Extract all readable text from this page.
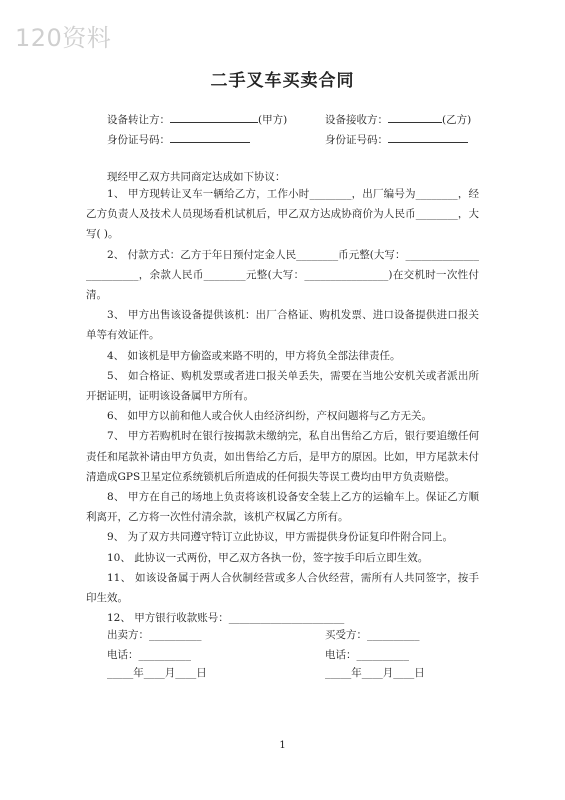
120资料
二手叉车买卖合同
设备转让方：	(甲方)	设备接收方：	(乙方)
身份证号码：	身份证号码：
现经甲乙双方共同商定达成如下协议：

1、 甲方现转让叉车一辆给乙方，工作小时________，出厂编号为________，经乙方负责人及技术人员现场看机试机后，甲乙双方达成协商价为人民币________，大写( )。

2、 付款方式：乙方于年日预付定金人民________币元整(大写：________________________，余款人民币________元整(大写：________________)在交机时一次性付清。

3、 甲方出售该设备提供该机：出厂合格证、购机发票、进口设备提供进口报关单等有效证件。

4、 如该机是甲方偷盗或来路不明的，甲方将负全部法律责任。

5、 如合格证、购机发票或者进口报关单丢失，需要在当地公安机关或者派出所开据证明，证明该设备属甲方所有。

6、 如甲方以前和他人或合伙人由经济纠纷，产权问题将与乙方无关。

7、 甲方若购机时在银行按揭款未缴纳完，私自出售给乙方后，银行要追缴任何责任和尾款补请由甲方负责，如出售给乙方后，是甲方的原因。比如，甲方尾款未付清造成GPS卫星定位系统锁机后所造成的任何损失等误工费均由甲方负责赔偿。

8、 甲方在自己的场地上负责将该机设备安全装上乙方的运输车上。保证乙方顺利离开，乙方将一次性付清余款，该机产权属乙方所有。

9、 为了双方共同遵守特订立此协议，甲方需提供身份证复印件附合同上。

10、 此协议一式两份，甲乙双方各执一份，签字按手印后立即生效。

11、 如该设备属于两人合伙制经营或多人合伙经营，需所有人共同签字，按手印生效。

12、 甲方银行收款账号：______________________

出卖方：__________	买受方：__________
电话：__________	电话：__________
_____年____月____日	_____年____月____日
1
